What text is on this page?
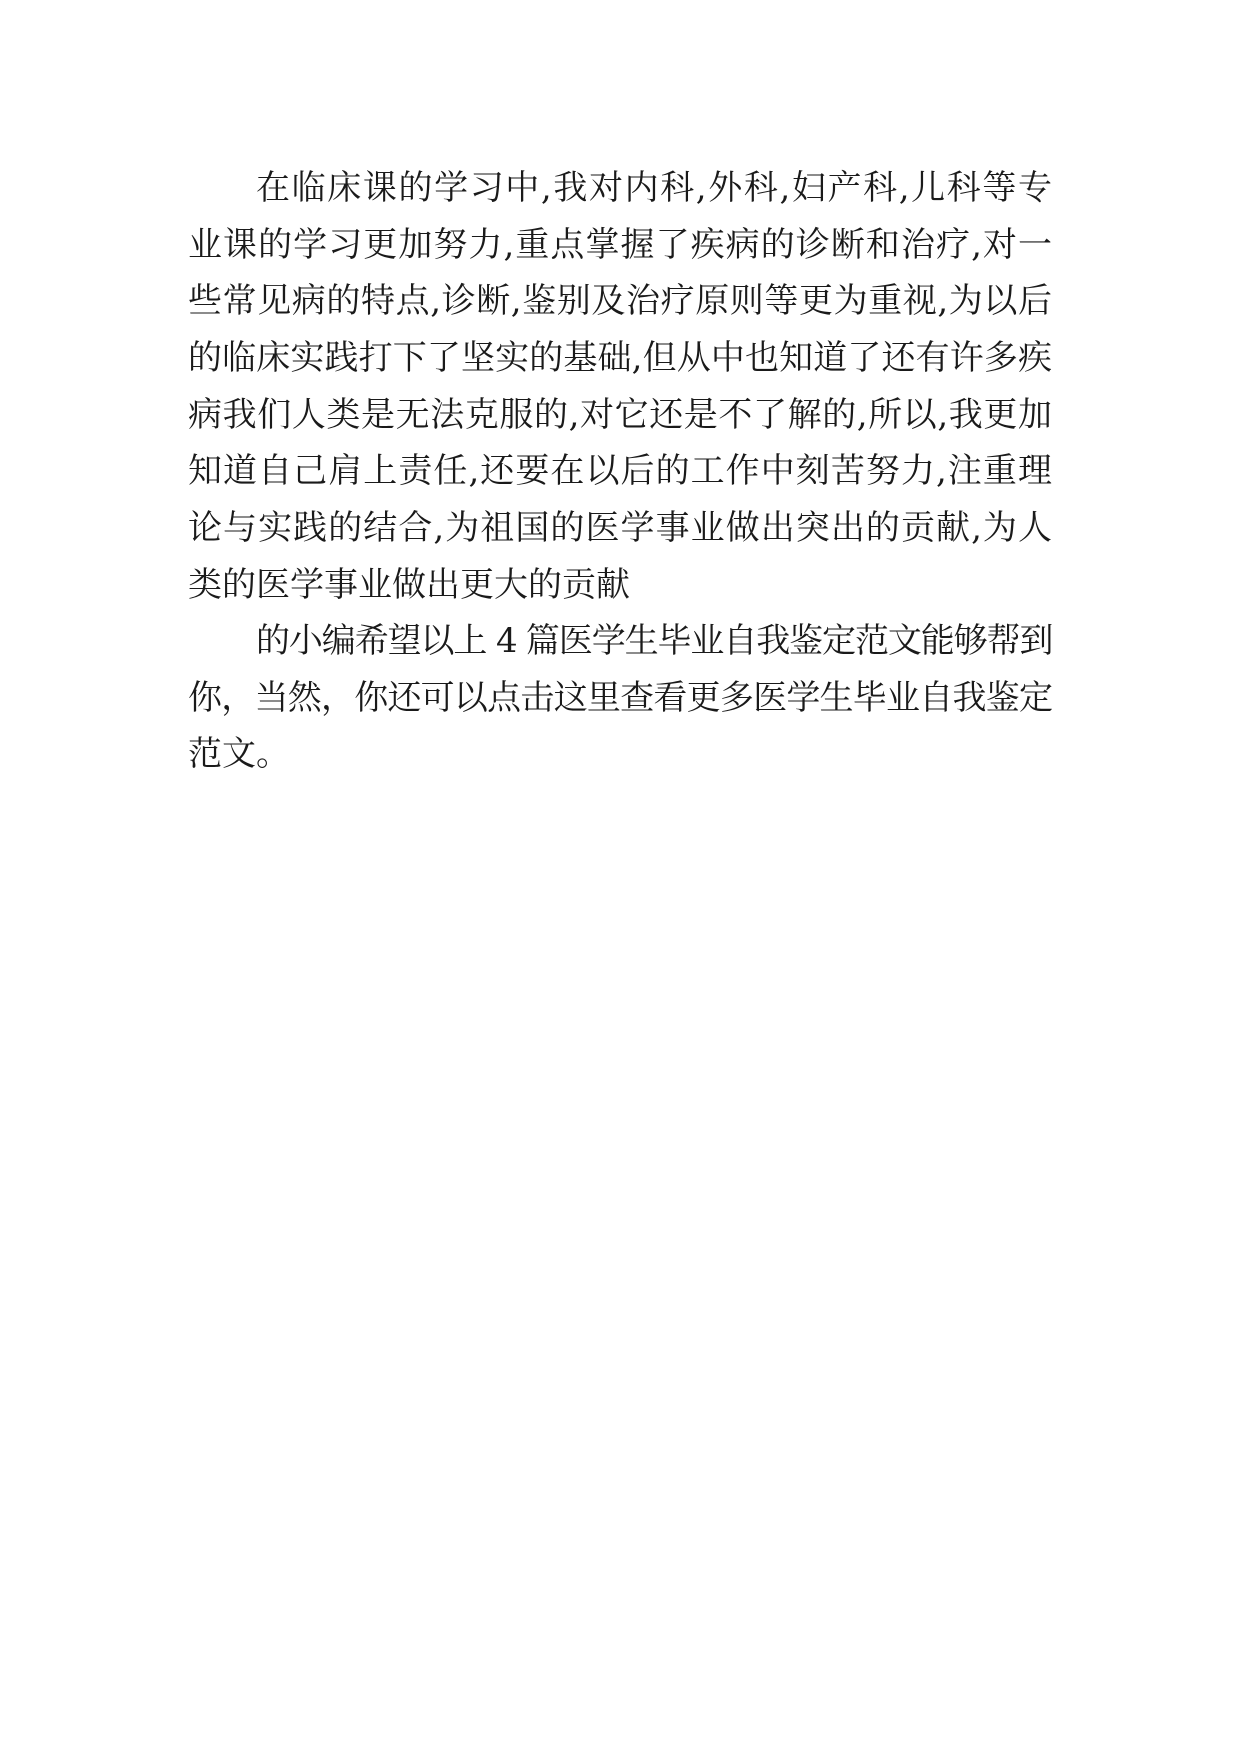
在临床课的学习中,我对内科,外科,妇产科,儿科等专
业课的学习更加努力,重点掌握了疾病的诊断和治疗,对一
些常见病的特点,诊断,鉴别及治疗原则等更为重视,为以后
的临床实践打下了坚实的基础,但从中也知道了还有许多疾
病我们人类是无法克服的,对它还是不了解的,所以,我更加
知道自己肩上责任,还要在以后的工作中刻苦努力,注重理
论与实践的结合,为祖国的医学事业做出突出的贡献,为人
类的医学事业做出更大的贡献
的小编希望以上 4 篇医学生毕业自我鉴定范文能够帮到
你，当然，你还可以点击这里查看更多医学生毕业自我鉴定
范文。
